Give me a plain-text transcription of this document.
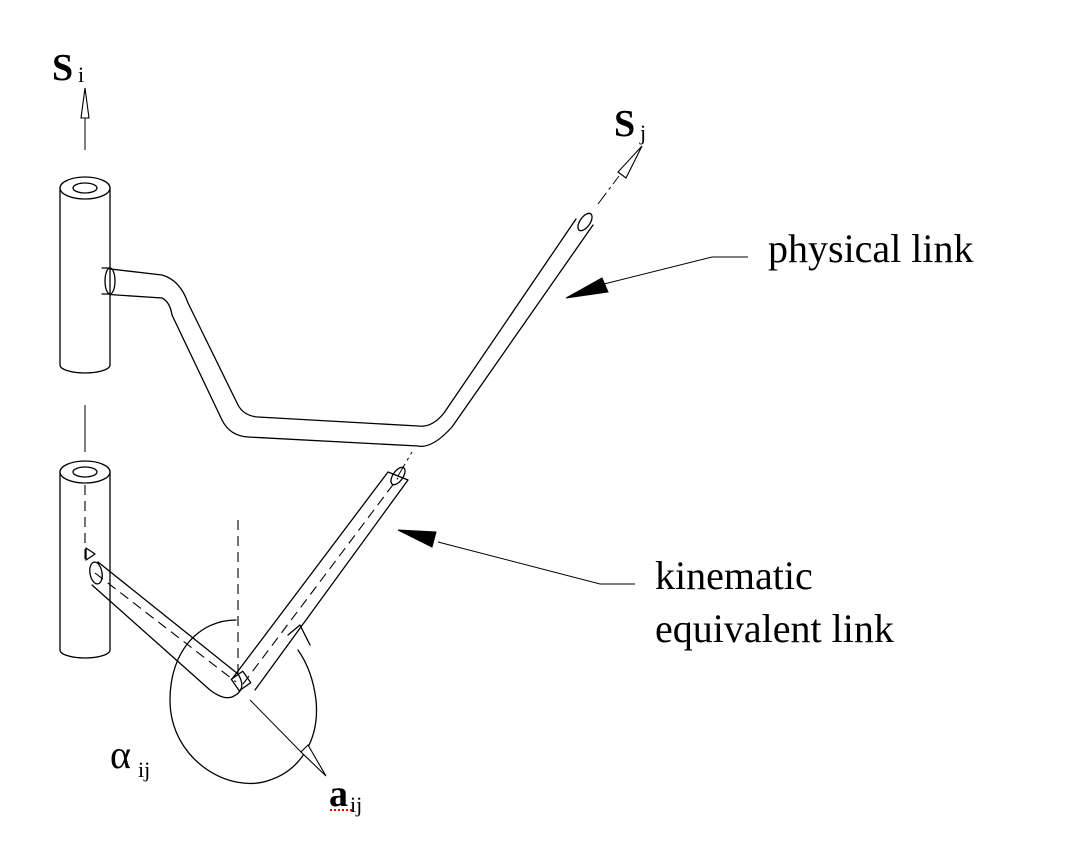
S i
S j
physical link
kinematic
equivalent link
α ij
a ij
